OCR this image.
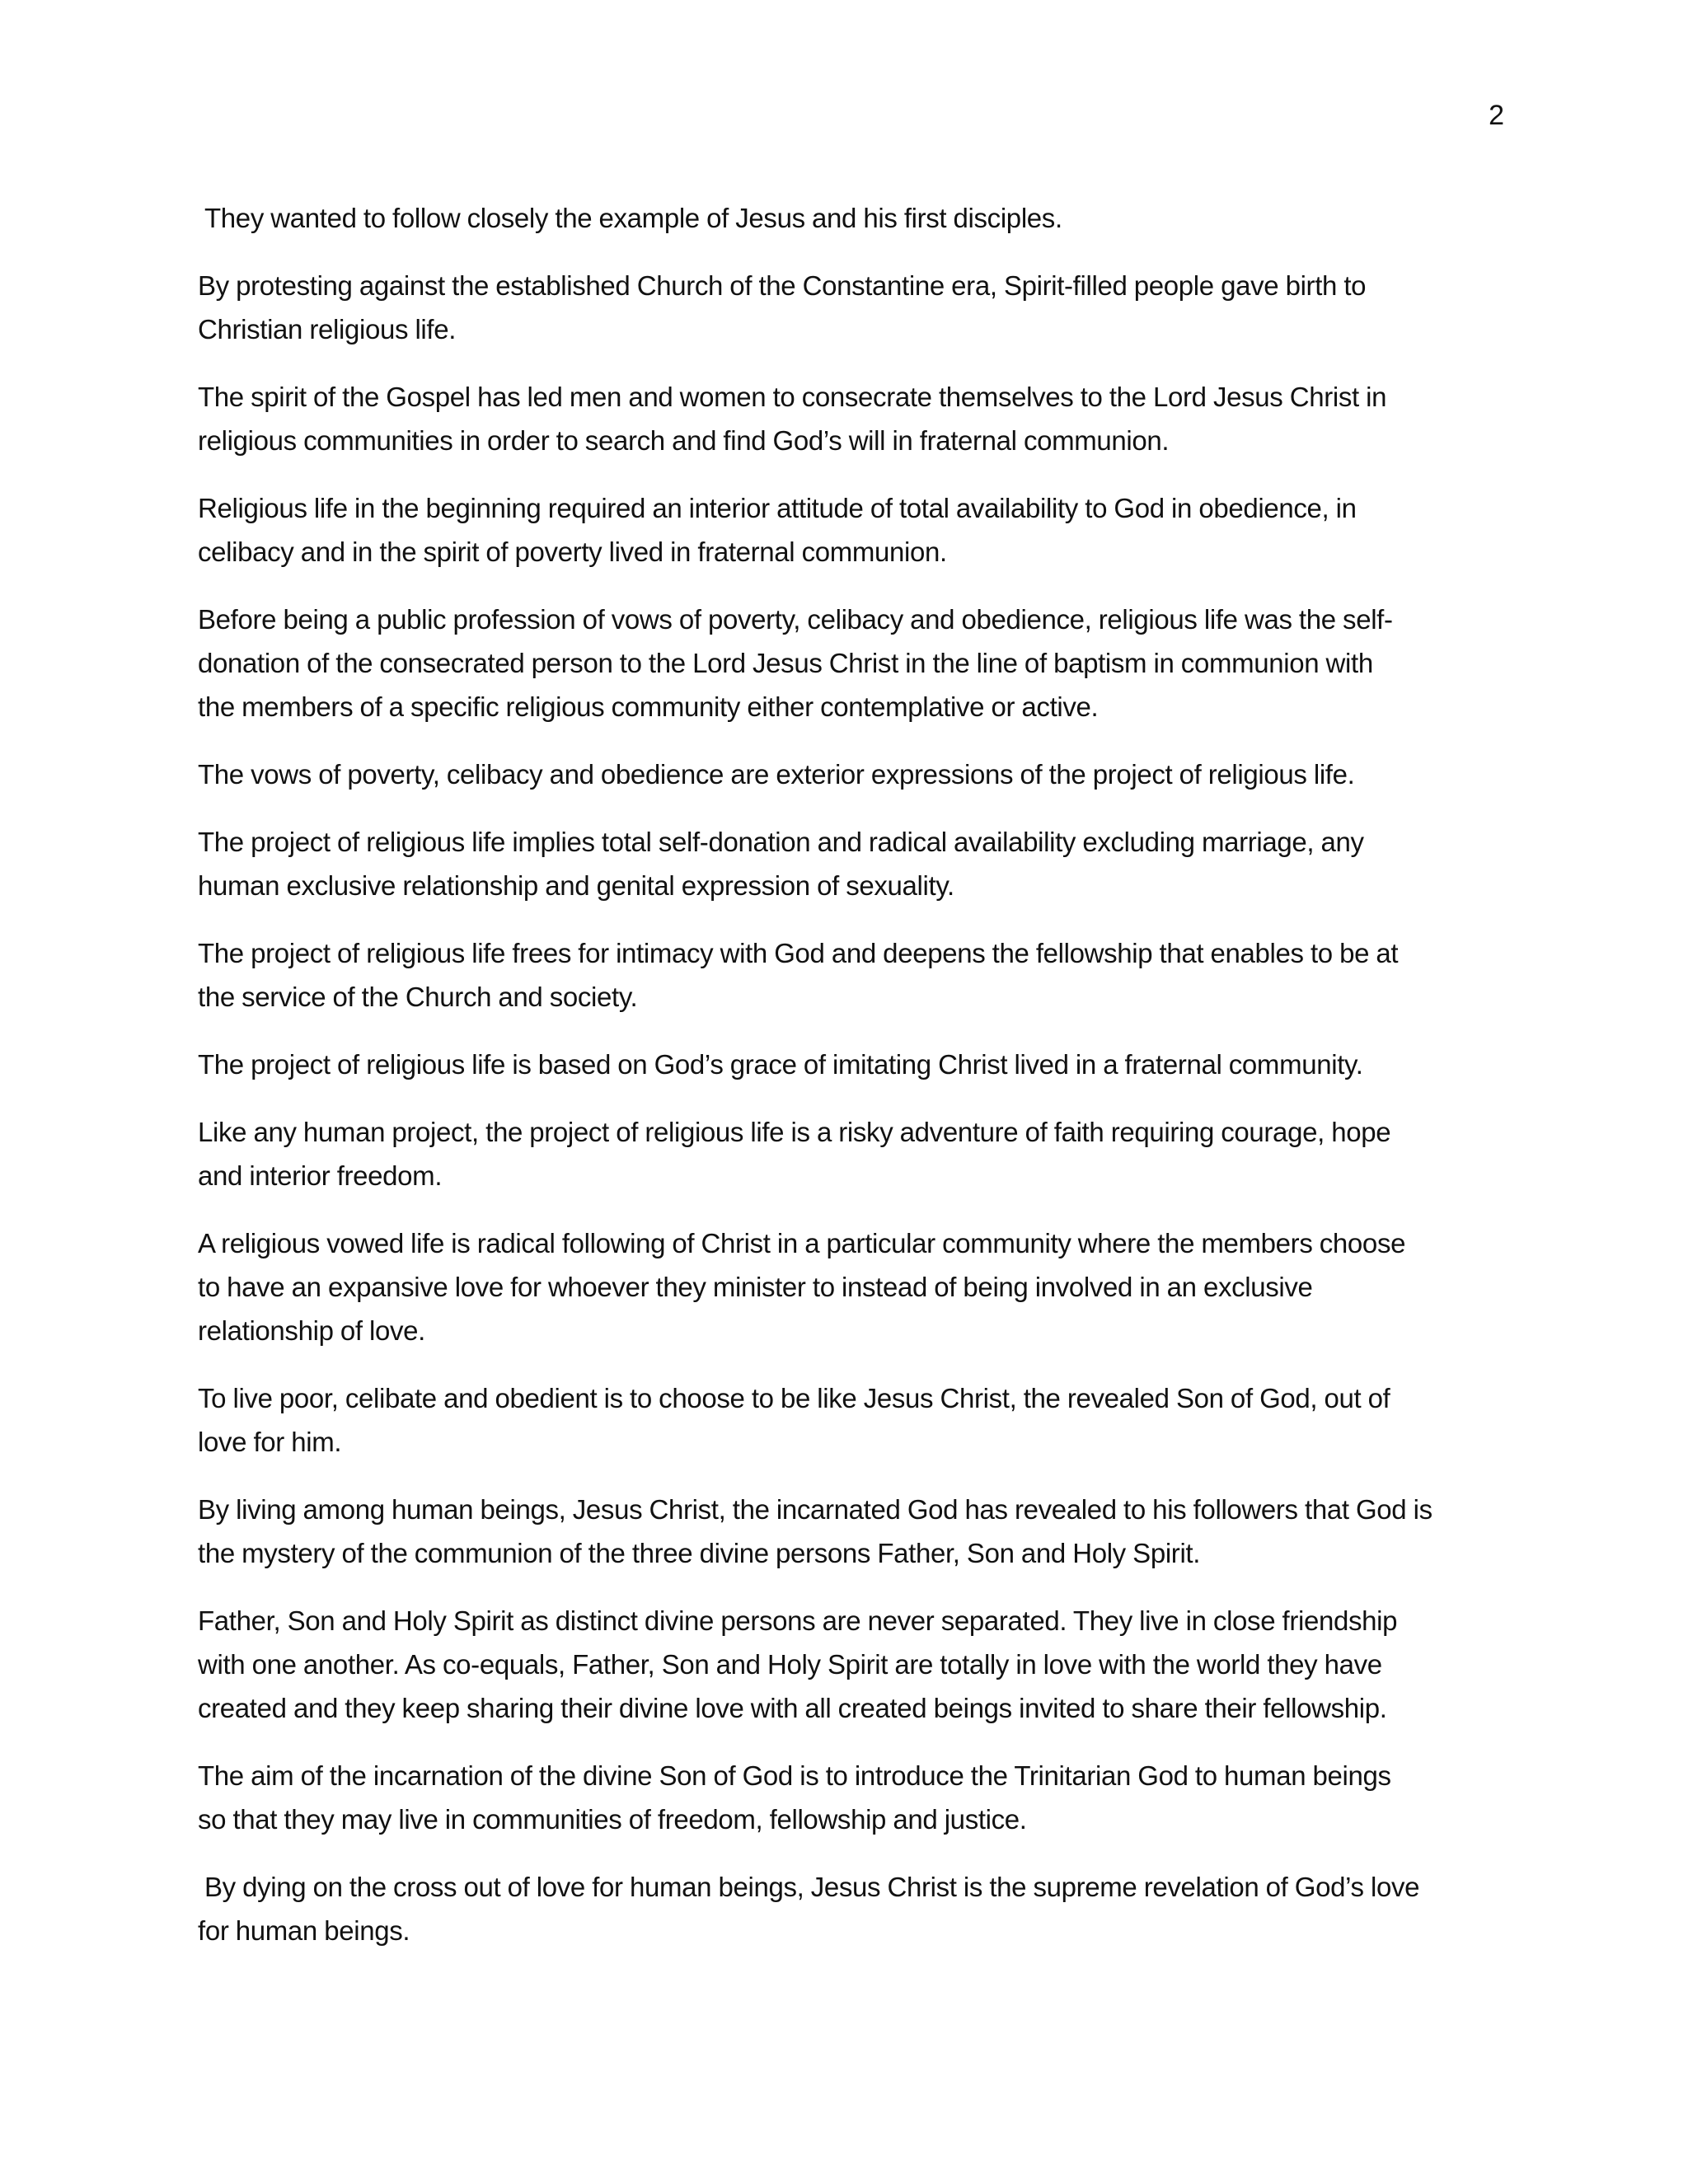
2

They wanted to follow closely the example of Jesus and his first disciples.

By protesting against the established Church of the Constantine era, Spirit-filled people gave birth to
Christian religious life.

The spirit of the Gospel has led men and women to consecrate themselves to the Lord Jesus Christ in
religious communities in order to search and find God’s will in fraternal communion.

Religious life in the beginning required an interior attitude of total availability to God in obedience, in
celibacy and in the spirit of poverty lived in fraternal communion.

Before being a public profession of vows of poverty, celibacy and obedience, religious life was the self-
donation of the consecrated person to the Lord Jesus Christ in the line of baptism in communion with
the members of a specific religious community either contemplative or active.

The vows of poverty, celibacy and obedience are exterior expressions of the project of religious life.

The project of religious life implies total self-donation and radical availability excluding marriage, any
human exclusive relationship and genital expression of sexuality.

The project of religious life frees for intimacy with God and deepens the fellowship that enables to be at
the service of the Church and society.

The project of religious life is based on God’s grace of imitating Christ lived in a fraternal community.

Like any human project, the project of religious life is a risky adventure of faith requiring courage, hope
and interior freedom.

A religious vowed life is radical following of Christ in a particular community where the members choose
to have an expansive love for whoever they minister to instead of being involved in an exclusive
relationship of love.

To live poor, celibate and obedient is to choose to be like Jesus Christ, the revealed Son of God, out of
love for him.

By living among human beings, Jesus Christ, the incarnated God has revealed to his followers that God is
the mystery of the communion of the three divine persons Father, Son and Holy Spirit.

Father, Son and Holy Spirit as distinct divine persons are never separated. They live in close friendship
with one another. As co-equals, Father, Son and Holy Spirit are totally in love with the world they have
created and they keep sharing their divine love with all created beings invited to share their fellowship.

The aim of the incarnation of the divine Son of God is to introduce the Trinitarian God to human beings
so that they may live in communities of freedom, fellowship and justice.

By dying on the cross out of love for human beings, Jesus Christ is the supreme revelation of God’s love
for human beings.
